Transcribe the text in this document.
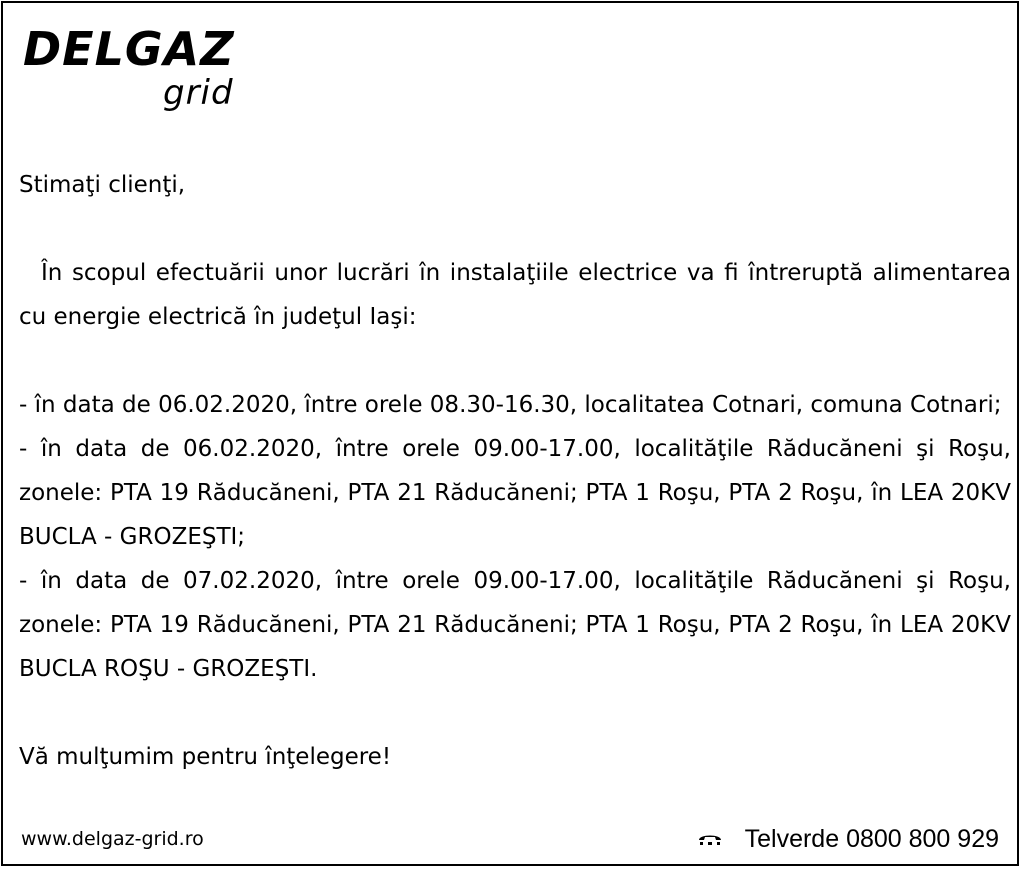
DELGAZ
grid

Stimaţi clienţi,

În scopul efectuării unor lucrări în instalaţiile electrice va fi întreruptă alimentarea cu energie electrică în judeţul Iaşi:

- în data de 06.02.2020, între orele 08.30-16.30, localitatea Cotnari, comuna Cotnari;

- în data de 06.02.2020, între orele 09.00-17.00, localităţile Răducăneni şi Roşu, zonele: PTA 19 Răducăneni, PTA 21 Răducăneni; PTA 1 Roşu, PTA 2 Roşu, în LEA 20KV BUCLA - GROZEŞTI;

- în data de 07.02.2020, între orele 09.00-17.00, localităţile Răducăneni şi Roşu, zonele: PTA 19 Răducăneni, PTA 21 Răducăneni; PTA 1 Roşu, PTA 2 Roşu, în LEA 20KV BUCLA ROŞU - GROZEŞTI.

Vă mulţumim pentru înţelegere!

www.delgaz-grid.ro	Telverde 0800 800 929
